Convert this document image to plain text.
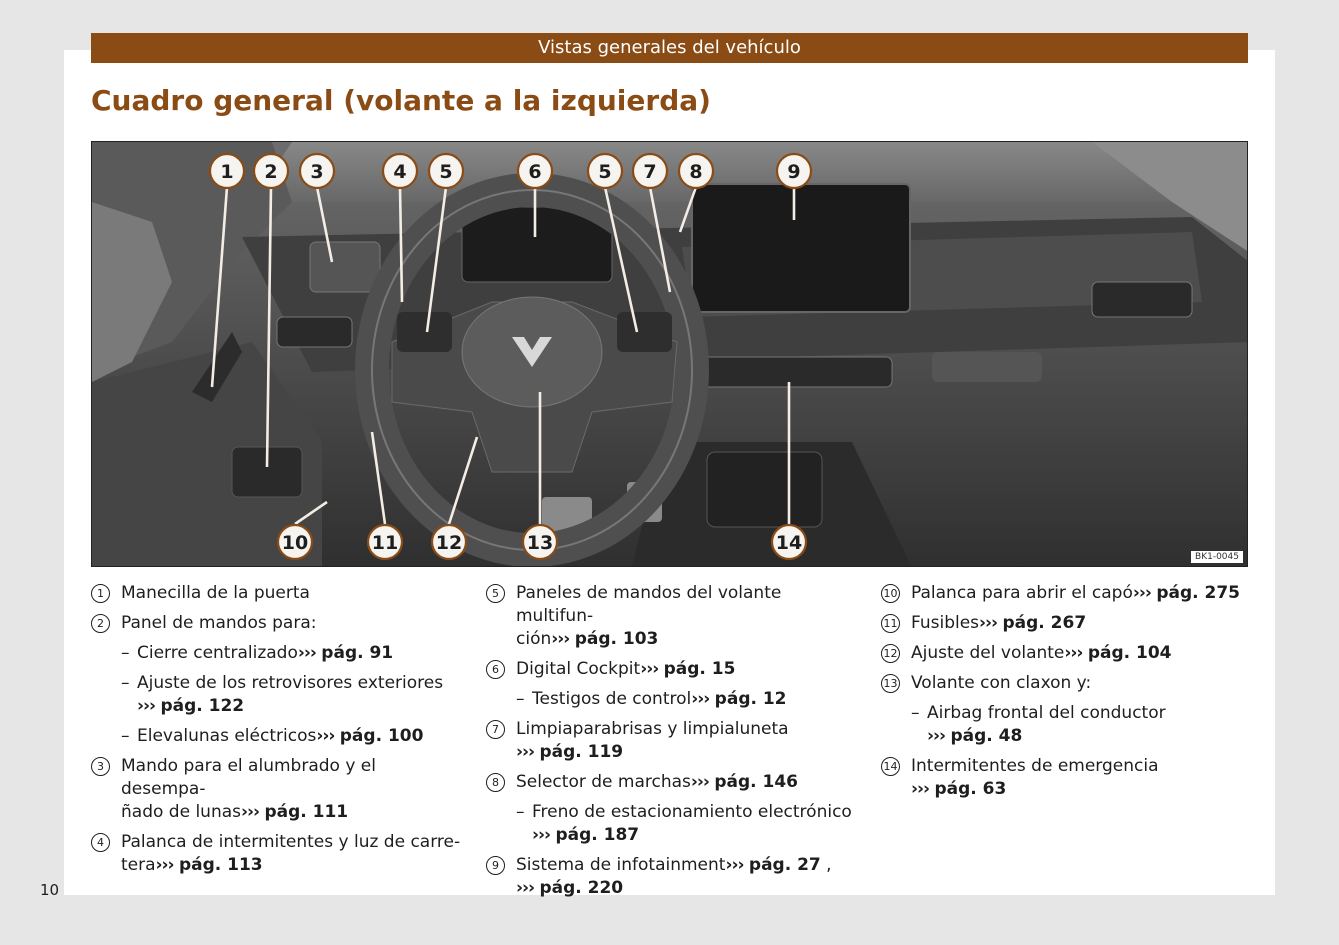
Vistas generales del vehículo
Cuadro general (volante a la izquierda)
1 2 3	4 5	6	5 7 8	9
10	11 12	13	14
BK1-0045
1	Manecilla de la puerta
2	Panel de mandos para:
– Cierre centralizado››› pág. 91
– Ajuste de los retrovisores exteriores
››› pág. 122
– Elevalunas eléctricos››› pág. 100
3	Mando para el alumbrado y el desempa-
ñado de lunas››› pág. 111
4	Palanca de intermitentes y luz de carre-
tera››› pág. 113
5	Paneles de mandos del volante multifun-
ción››› pág. 103
6	Digital Cockpit››› pág. 15
– Testigos de control››› pág. 12
7	Limpiaparabrisas y limpialuneta
››› pág. 119
8	Selector de marchas››› pág. 146
– Freno de estacionamiento electrónico
››› pág. 187
9	Sistema de infotainment››› pág. 27 ,
››› pág. 220
10 Palanca para abrir el capó››› pág. 275
11 Fusibles››› pág. 267
12 Ajuste del volante››› pág. 104
13 Volante con claxon y:
– Airbag frontal del conductor
››› pág. 48
14 Intermitentes de emergencia
››› pág. 63
10
